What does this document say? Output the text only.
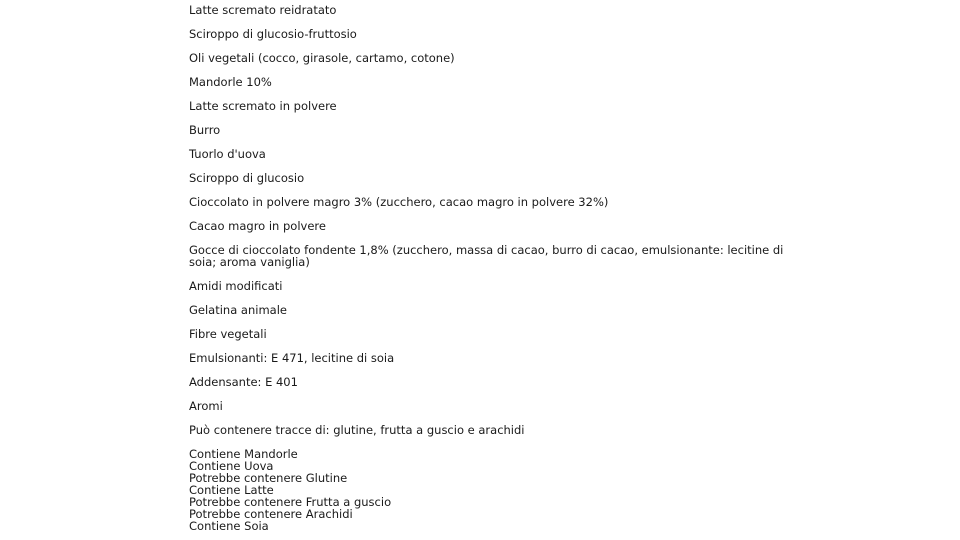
Latte scremato reidratato

Sciroppo di glucosio-fruttosio

Oli vegetali (cocco, girasole, cartamo, cotone)

Mandorle 10%

Latte scremato in polvere

Burro

Tuorlo d'uova

Sciroppo di glucosio

Cioccolato in polvere magro 3% (zucchero, cacao magro in polvere 32%)

Cacao magro in polvere

Gocce di cioccolato fondente 1,8% (zucchero, massa di cacao, burro di cacao, emulsionante: lecitine di soia; aroma vaniglia)

Amidi modificati

Gelatina animale

Fibre vegetali

Emulsionanti: E 471, lecitine di soia

Addensante: E 401

Aromi

Può contenere tracce di: glutine, frutta a guscio e arachidi

Contiene Mandorle
Contiene Uova
Potrebbe contenere Glutine
Contiene Latte
Potrebbe contenere Frutta a guscio
Potrebbe contenere Arachidi
Contiene Soia
